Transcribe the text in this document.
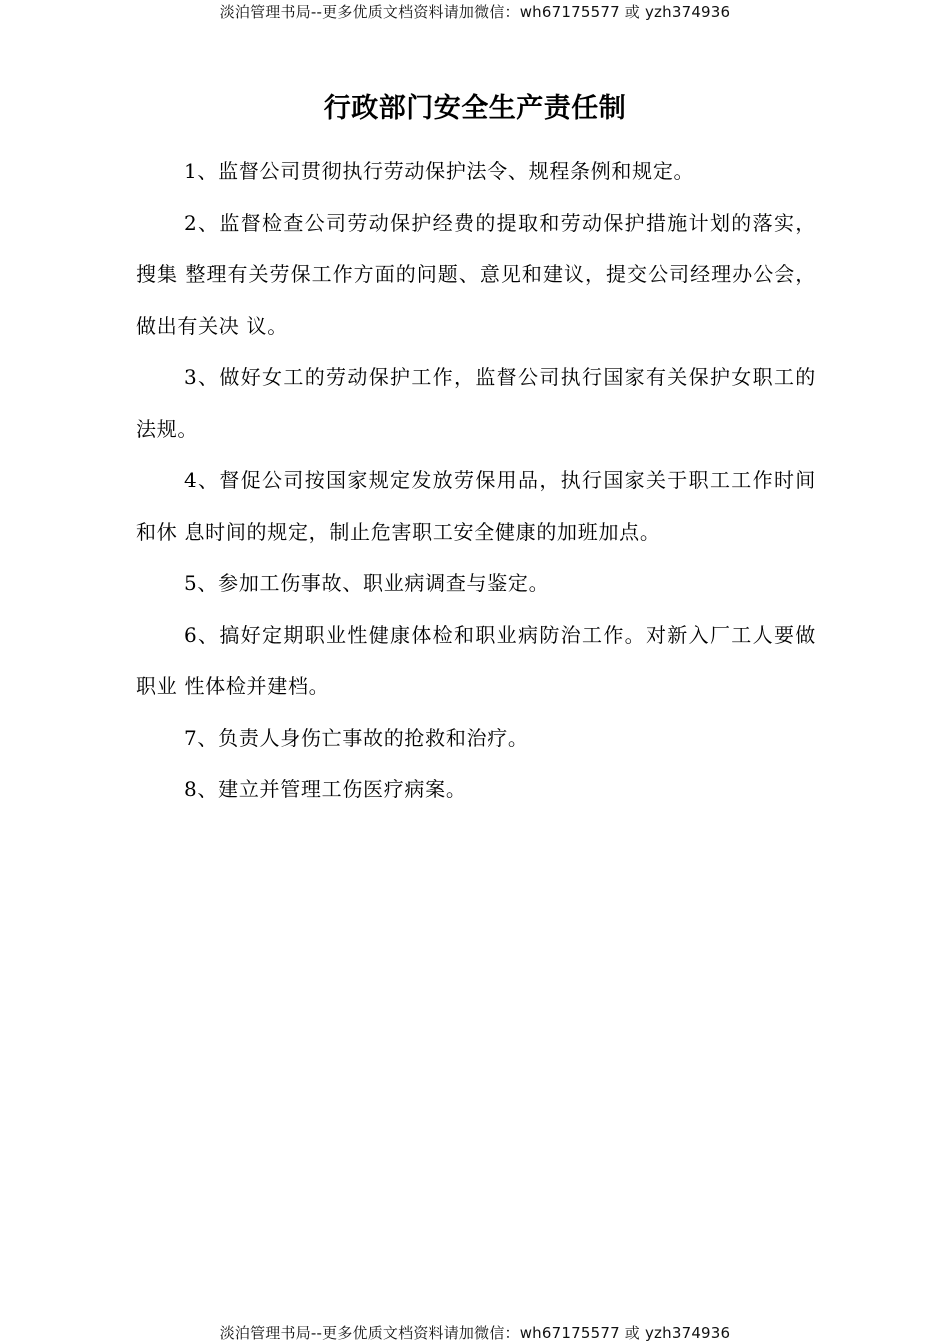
淡泊管理书局--更多优质文档资料请加微信：wh67175577 或 yzh374936
行政部门安全生产责任制

1、监督公司贯彻执行劳动保护法令、规程条例和规定。

2、监督检查公司劳动保护经费的提取和劳动保护措施计划的落实，搜集 整理有关劳保工作方面的问题、意见和建议，提交公司经理办公会，做出有关决 议。

3、做好女工的劳动保护工作，监督公司执行国家有关保护女职工的法规。

4、督促公司按国家规定发放劳保用品，执行国家关于职工工作时间和休 息时间的规定，制止危害职工安全健康的加班加点。

5、参加工伤事故、职业病调查与鉴定。

6、搞好定期职业性健康体检和职业病防治工作。对新入厂工人要做职业 性体检并建档。

7、负责人身伤亡事故的抢救和治疗。

8、建立并管理工伤医疗病案。

淡泊管理书局--更多优质文档资料请加微信：wh67175577 或 yzh374936
